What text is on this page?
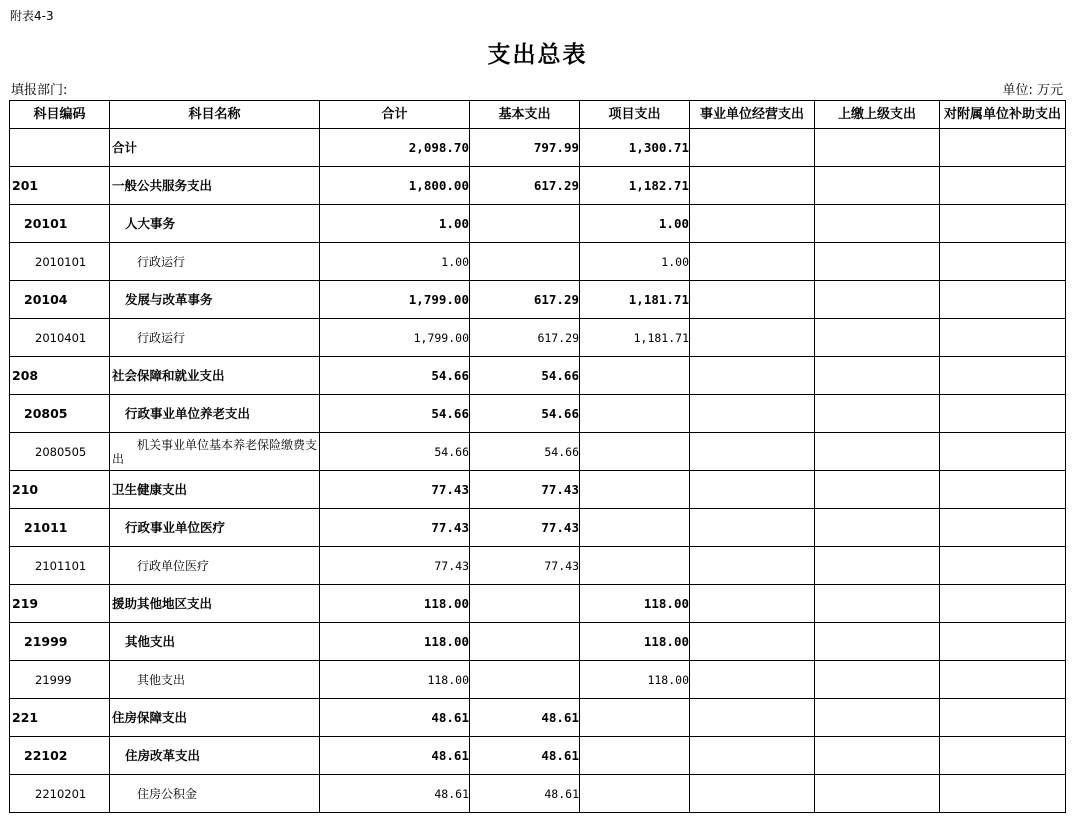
附表4-3
支出总表
填报部门:	单位: 万元
科目编码	科目名称	合计	基本支出	项目支出	事业单位经营支出	上缴上级支出	对附属单位补助支出
	合计	2,098.70	797.99	1,300.71			
201	一般公共服务支出	1,800.00	617.29	1,182.71			
20101	人大事务	1.00		1.00			
2010101	行政运行	1.00		1.00			
20104	发展与改革事务	1,799.00	617.29	1,181.71			
2010401	行政运行	1,799.00	617.29	1,181.71			
208	社会保障和就业支出	54.66	54.66				
20805	行政事业单位养老支出	54.66	54.66				
2080505	机关事业单位基本养老保险缴费支出	54.66	54.66				
210	卫生健康支出	77.43	77.43				
21011	行政事业单位医疗	77.43	77.43				
2101101	行政单位医疗	77.43	77.43				
219	援助其他地区支出	118.00		118.00			
21999	其他支出	118.00		118.00			
21999	其他支出	118.00		118.00			
221	住房保障支出	48.61	48.61				
22102	住房改革支出	48.61	48.61				
2210201	住房公积金	48.61	48.61				
